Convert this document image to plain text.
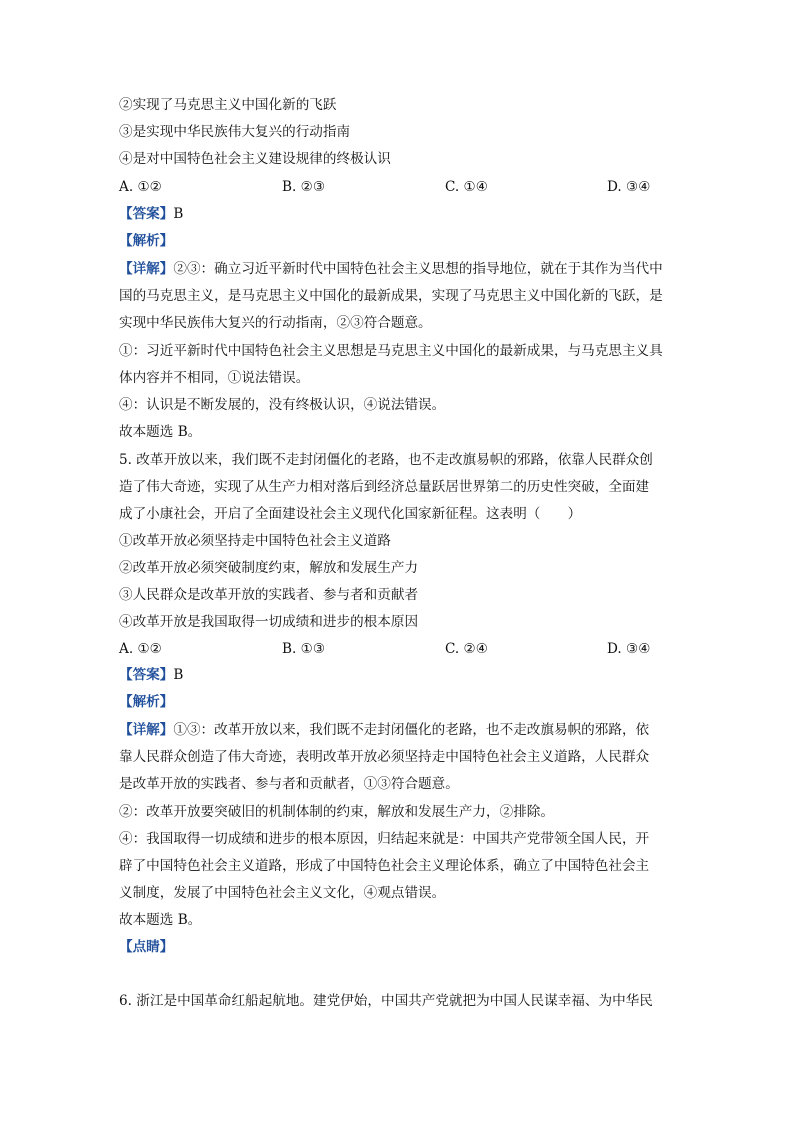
②实现了马克思主义中国化新的飞跃
③是实现中华民族伟大复兴的行动指南
④是对中国特色社会主义建设规律的终极认识
A. ①②	B. ②③	C. ①④	D. ③④
【答案】B
【解析】
【详解】②③：确立习近平新时代中国特色社会主义思想的指导地位，就在于其作为当代中
国的马克思主义，是马克思主义中国化的最新成果，实现了马克思主义中国化新的飞跃，是
实现中华民族伟大复兴的行动指南，②③符合题意。
①：习近平新时代中国特色社会主义思想是马克思主义中国化的最新成果，与马克思主义具
体内容并不相同，①说法错误。
④：认识是不断发展的，没有终极认识，④说法错误。
故本题选 B。
5. 改革开放以来，我们既不走封闭僵化的老路，也不走改旗易帜的邪路，依靠人民群众创
造了伟大奇迹，实现了从生产力相对落后到经济总量跃居世界第二的历史性突破，全面建
成了小康社会，开启了全面建设社会主义现代化国家新征程。这表明（　　）
①改革开放必须坚持走中国特色社会主义道路
②改革开放必须突破制度约束，解放和发展生产力
③人民群众是改革开放的实践者、参与者和贡献者
④改革开放是我国取得一切成绩和进步的根本原因
A. ①②	B. ①③	C. ②④	D. ③④
【答案】B
【解析】
【详解】①③：改革开放以来，我们既不走封闭僵化的老路，也不走改旗易帜的邪路，依
靠人民群众创造了伟大奇迹，表明改革开放必须坚持走中国特色社会主义道路，人民群众
是改革开放的实践者、参与者和贡献者，①③符合题意。
②：改革开放要突破旧的机制体制的约束，解放和发展生产力，②排除。
④：我国取得一切成绩和进步的根本原因，归结起来就是：中国共产党带领全国人民，开
辟了中国特色社会主义道路，形成了中国特色社会主义理论体系，确立了中国特色社会主
义制度，发展了中国特色社会主义文化，④观点错误。
故本题选 B。
【点睛】
6. 浙江是中国革命红船起航地。建党伊始，中国共产党就把为中国人民谋幸福、为中华民
